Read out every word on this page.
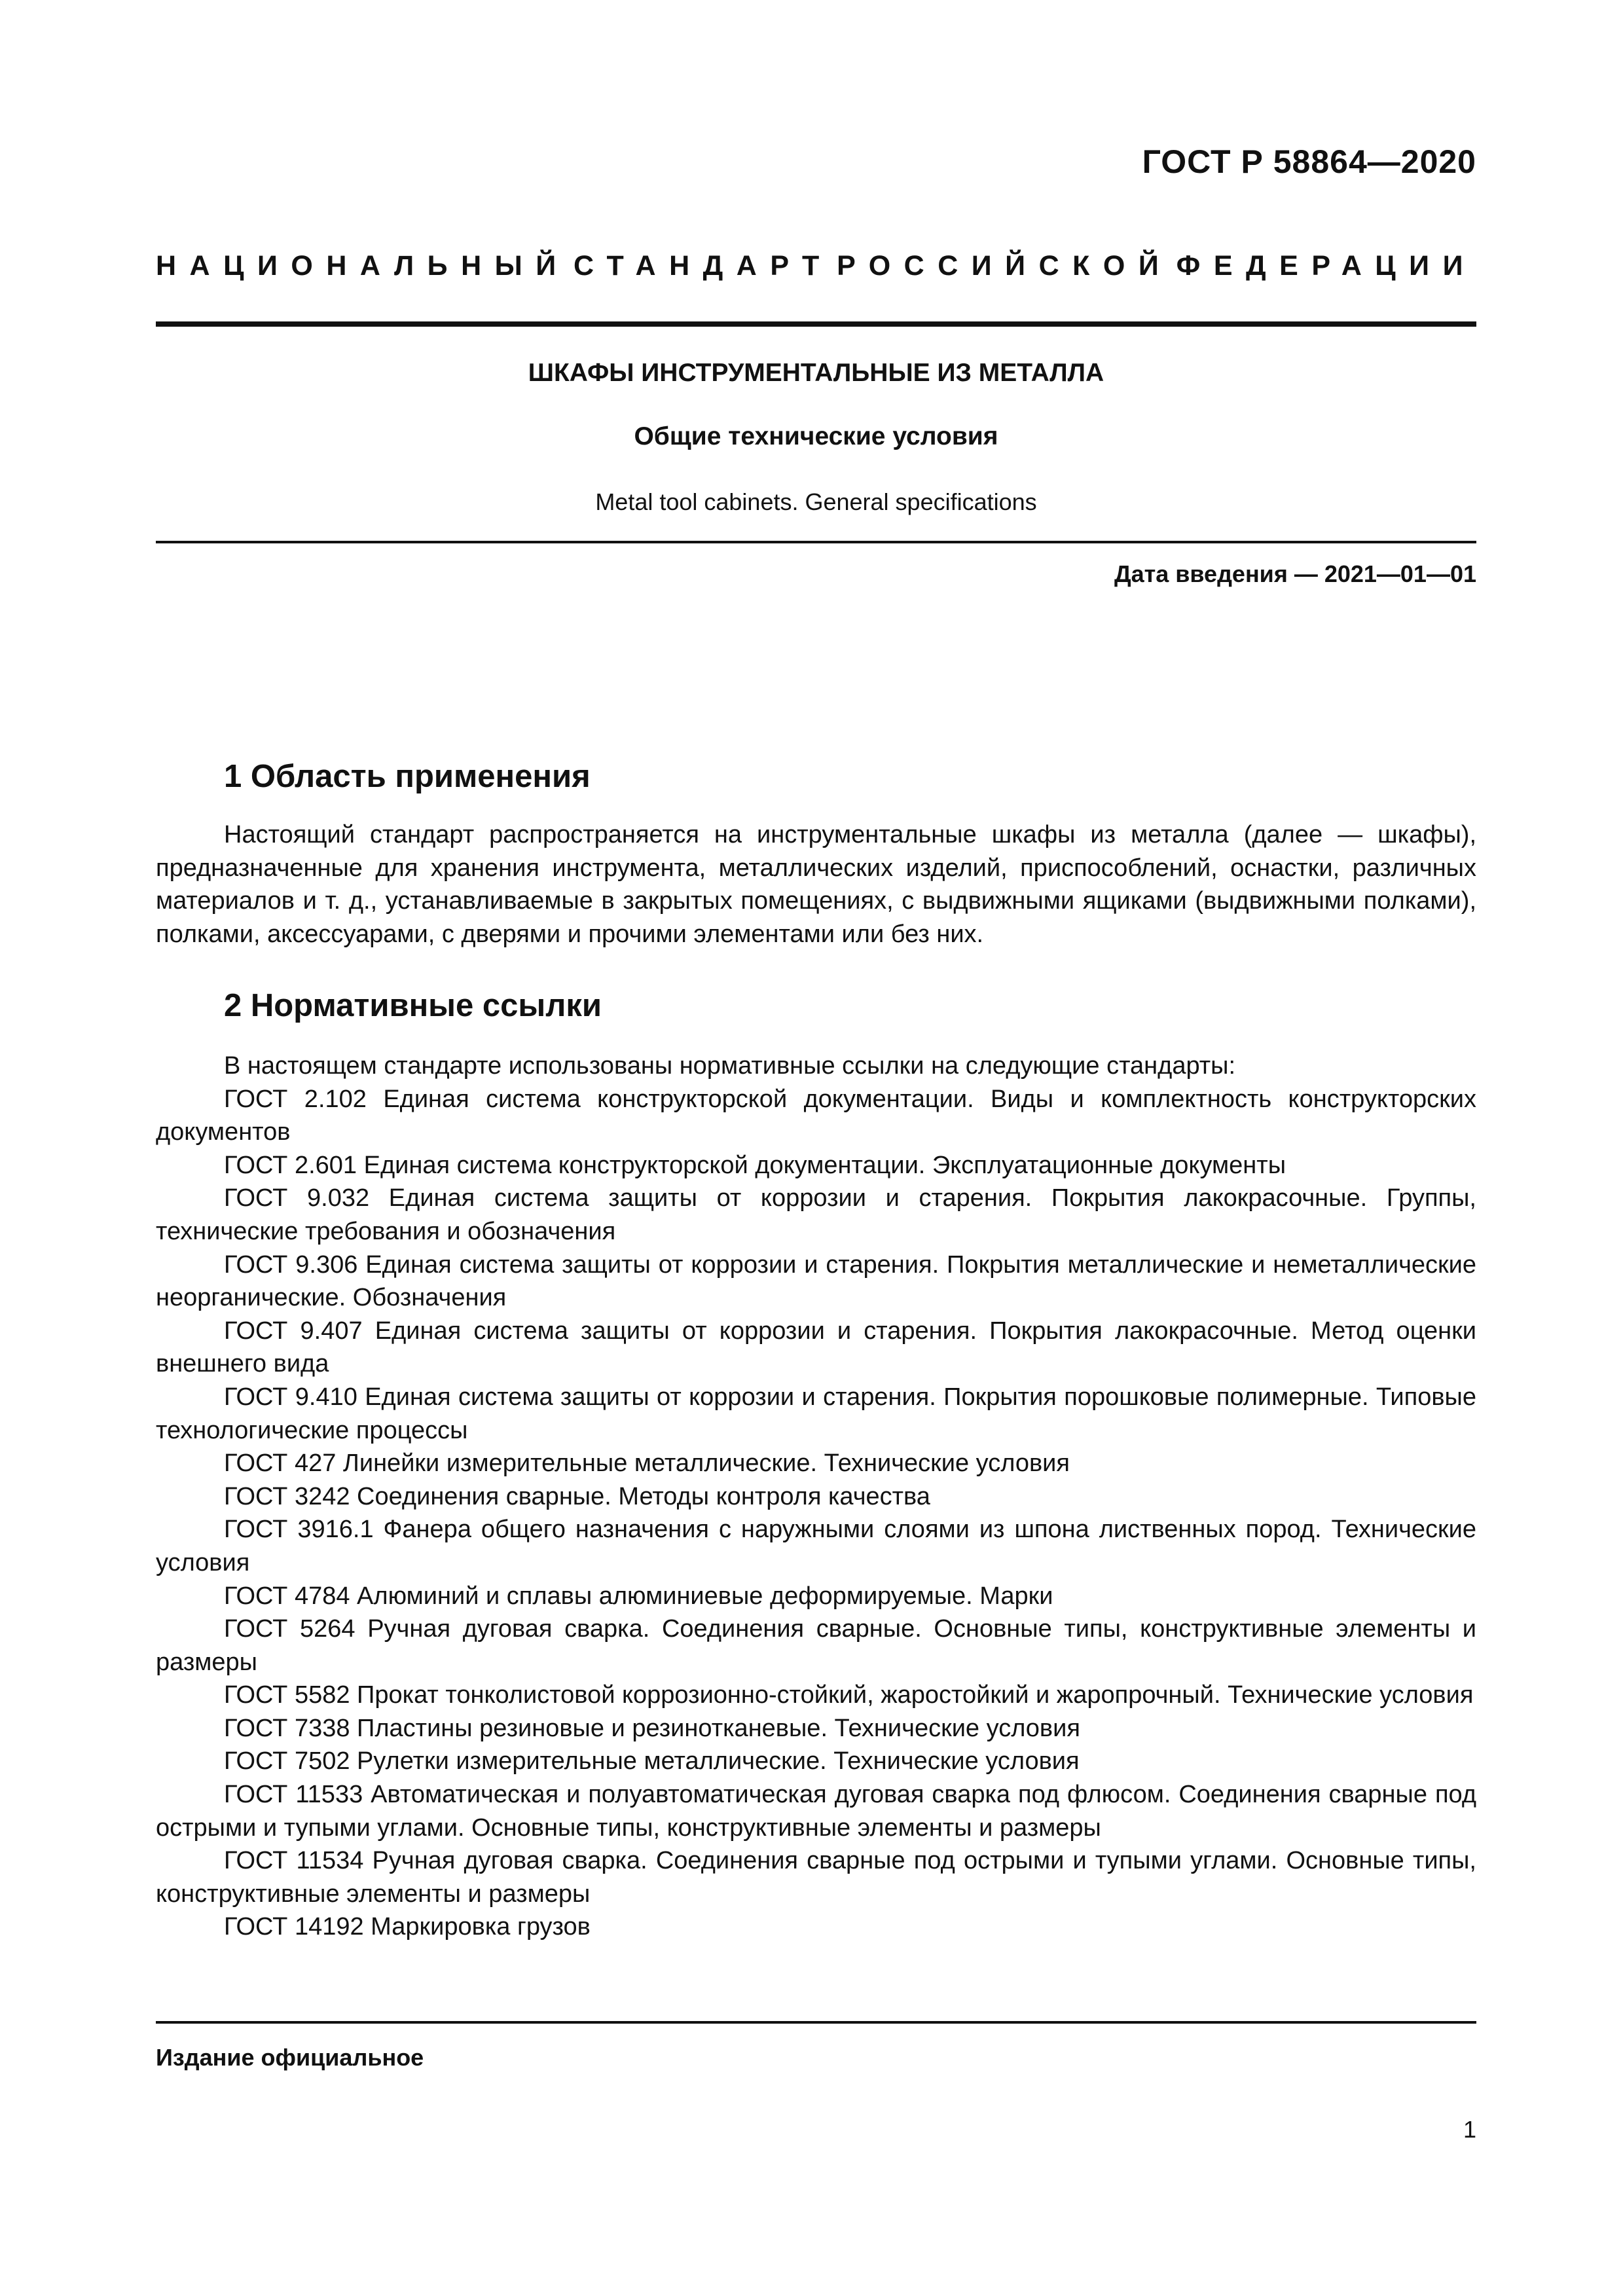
ГОСТ Р 58864—2020
НАЦИОНАЛЬНЫЙ СТАНДАРТ РОССИЙСКОЙ ФЕДЕРАЦИИ
ШКАФЫ ИНСТРУМЕНТАЛЬНЫЕ ИЗ МЕТАЛЛА
Общие технические условия
Metal tool cabinets. General specifications
Дата введения — 2021—01—01
1 Область применения

Настоящий стандарт распространяется на инструментальные шкафы из металла (далее — шкафы), предназначенные для хранения инструмента, металлических изделий, приспособлений, оснастки, различных материалов и т. д., устанавливаемые в закрытых помещениях, с выдвижными ящиками (выдвижными полками), полками, аксессуарами, с дверями и прочими элементами или без них.

2 Нормативные ссылки

В настоящем стандарте использованы нормативные ссылки на следующие стандарты:

ГОСТ 2.102 Единая система конструкторской документации. Виды и комплектность конструкторских документов

ГОСТ 2.601 Единая система конструкторской документации. Эксплуатационные документы

ГОСТ 9.032 Единая система защиты от коррозии и старения. Покрытия лакокрасочные. Группы, технические требования и обозначения

ГОСТ 9.306 Единая система защиты от коррозии и старения. Покрытия металлические и неметаллические неорганические. Обозначения

ГОСТ 9.407 Единая система защиты от коррозии и старения. Покрытия лакокрасочные. Метод оценки внешнего вида

ГОСТ 9.410 Единая система защиты от коррозии и старения. Покрытия порошковые полимерные. Типовые технологические процессы

ГОСТ 427 Линейки измерительные металлические. Технические условия

ГОСТ 3242 Соединения сварные. Методы контроля качества

ГОСТ 3916.1 Фанера общего назначения с наружными слоями из шпона лиственных пород. Технические условия

ГОСТ 4784 Алюминий и сплавы алюминиевые деформируемые. Марки

ГОСТ 5264 Ручная дуговая сварка. Соединения сварные. Основные типы, конструктивные элементы и размеры

ГОСТ 5582 Прокат тонколистовой коррозионно-стойкий, жаростойкий и жаропрочный. Технические условия

ГОСТ 7338 Пластины резиновые и резинотканевые. Технические условия

ГОСТ 7502 Рулетки измерительные металлические. Технические условия

ГОСТ 11533 Автоматическая и полуавтоматическая дуговая сварка под флюсом. Соединения сварные под острыми и тупыми углами. Основные типы, конструктивные элементы и размеры

ГОСТ 11534 Ручная дуговая сварка. Соединения сварные под острыми и тупыми углами. Основные типы, конструктивные элементы и размеры

ГОСТ 14192 Маркировка грузов

Издание официальное
1
